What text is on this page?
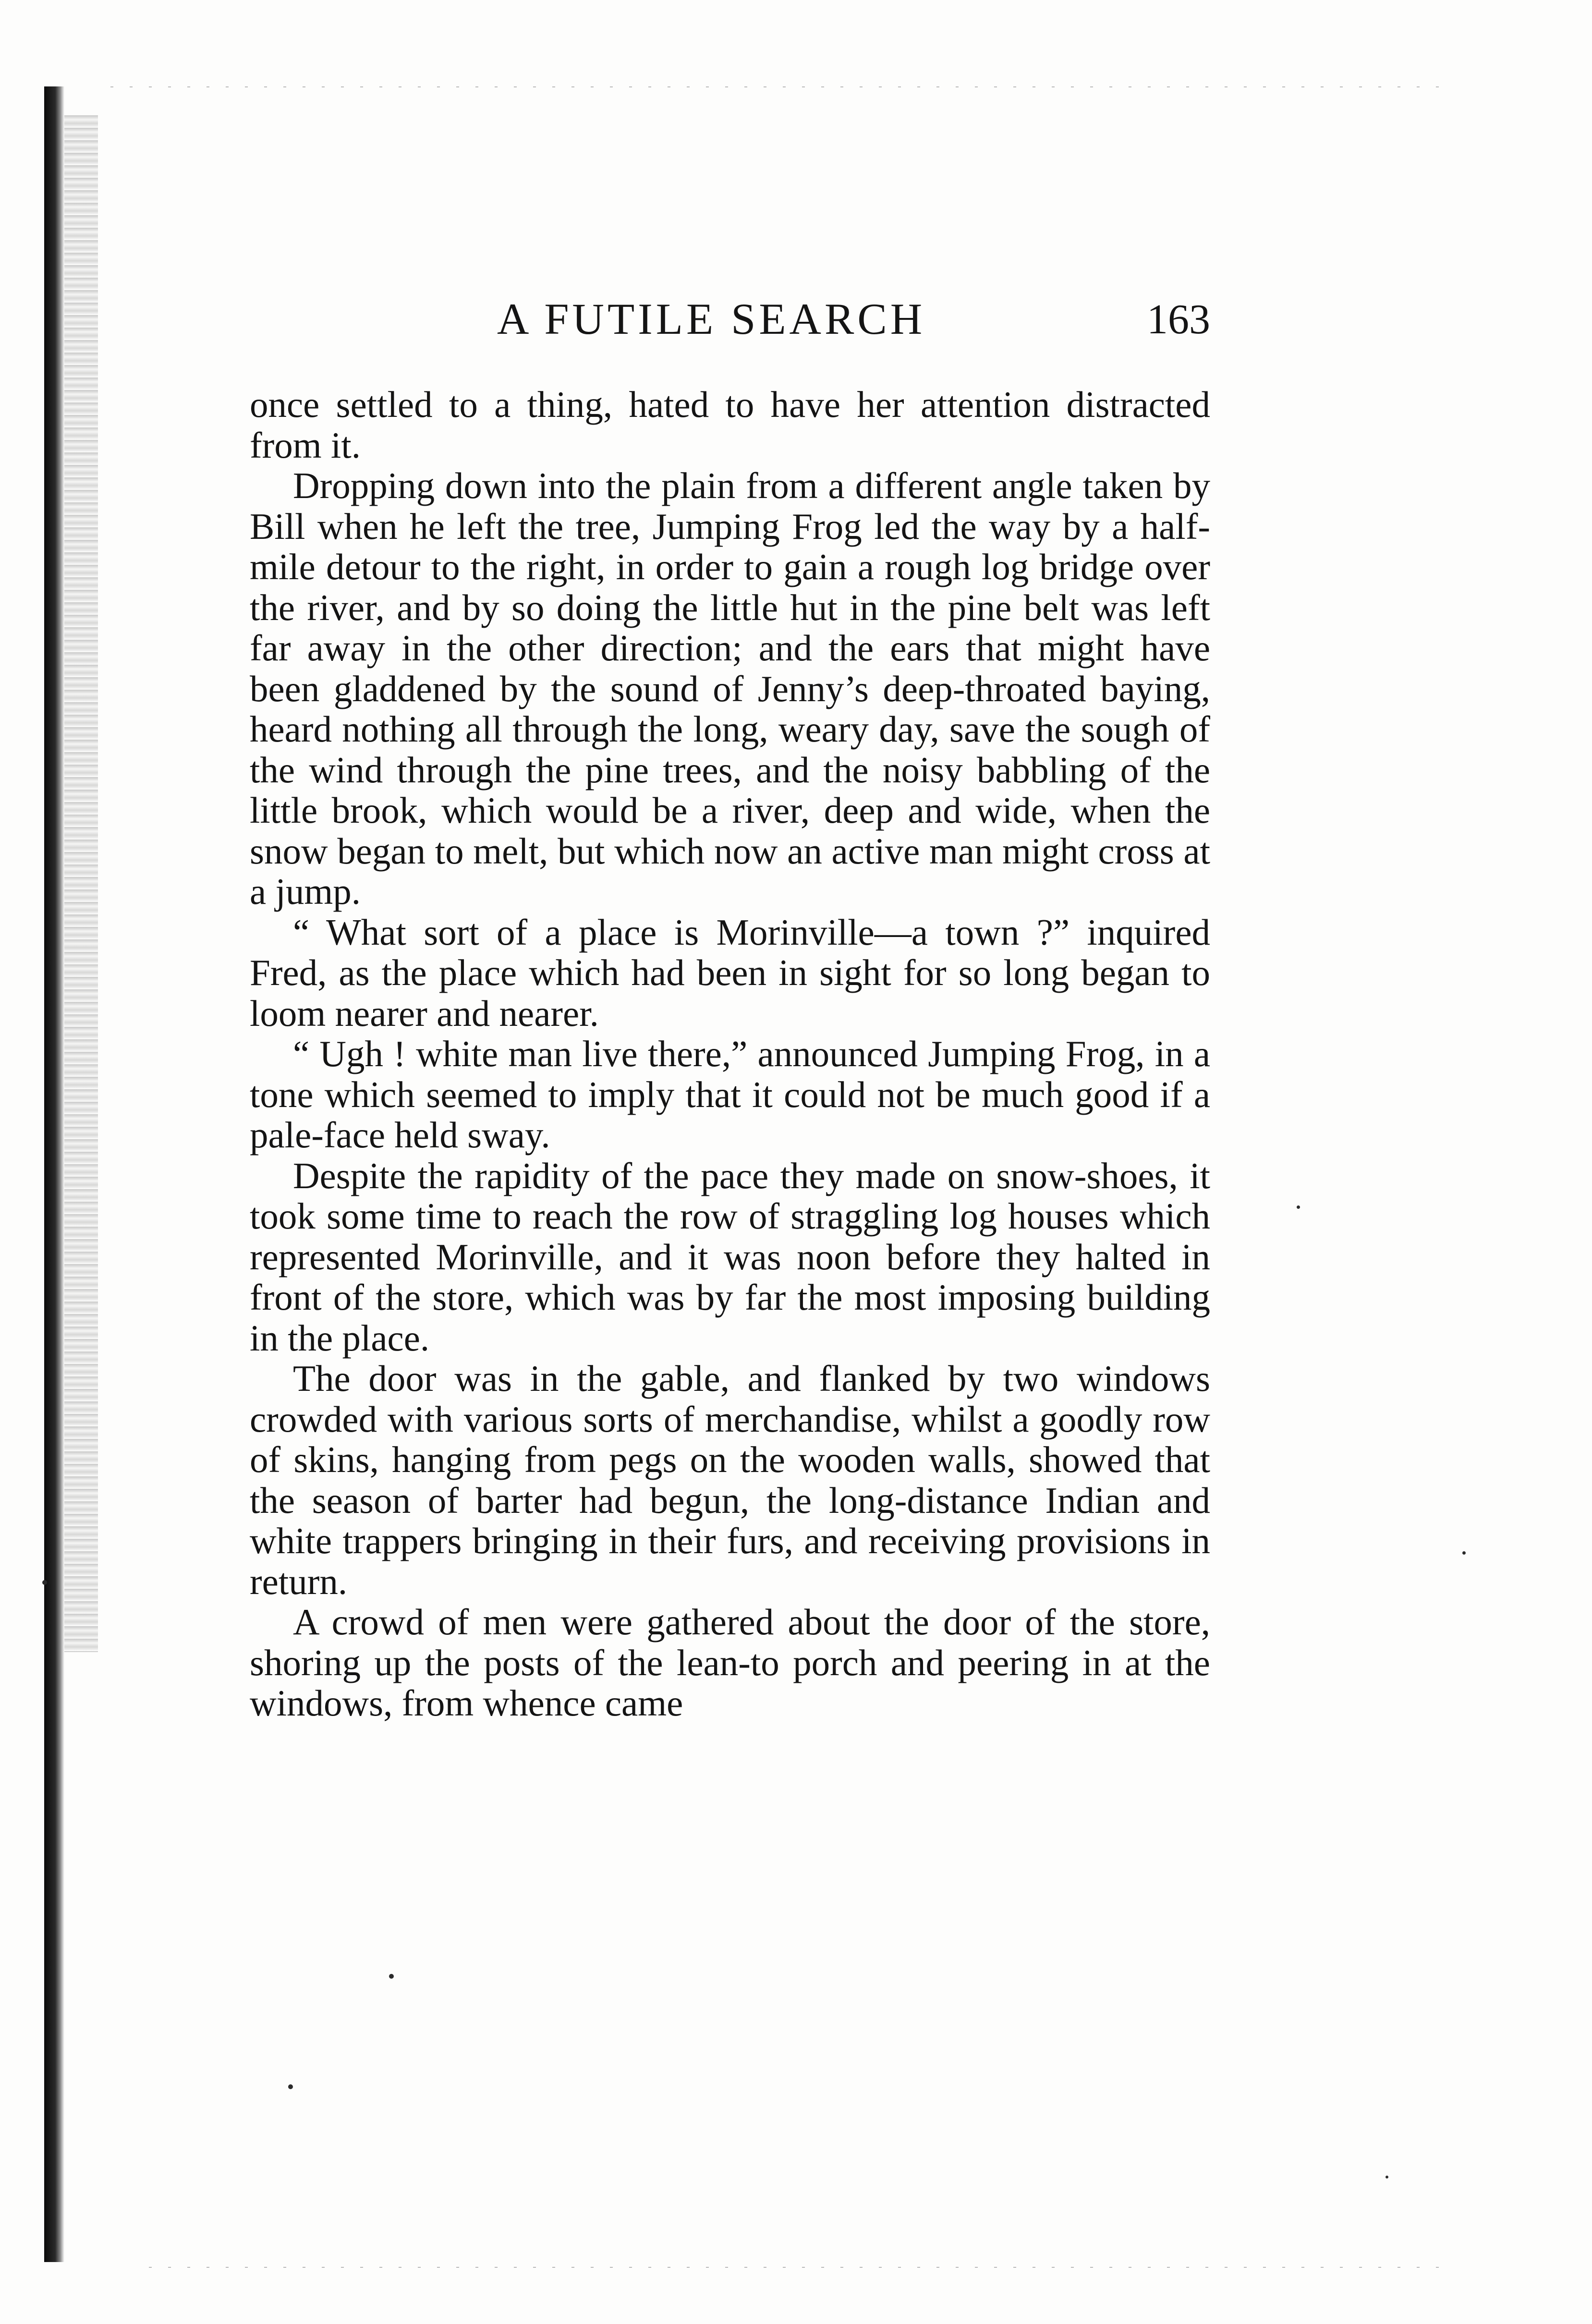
A FUTILE SEARCH	163

once settled to a thing, hated to have her attention distracted from it.

Dropping down into the plain from a different angle taken by Bill when he left the tree, Jumping Frog led the way by a half-mile detour to the right, in order to gain a rough log bridge over the river, and by so doing the little hut in the pine belt was left far away in the other direction; and the ears that might have been gladdened by the sound of Jenny’s deep-throated baying, heard nothing all through the long, weary day, save the sough of the wind through the pine trees, and the noisy babbling of the little brook, which would be a river, deep and wide, when the snow began to melt, but which now an active man might cross at a jump.

“ What sort of a place is Morinville—a town ?” inquired Fred, as the place which had been in sight for so long began to loom nearer and nearer.

“ Ugh ! white man live there,” announced Jumping Frog, in a tone which seemed to imply that it could not be much good if a pale-face held sway.

Despite the rapidity of the pace they made on snow-shoes, it took some time to reach the row of straggling log houses which represented Morinville, and it was noon before they halted in front of the store, which was by far the most imposing building in the place.

The door was in the gable, and flanked by two windows crowded with various sorts of merchandise, whilst a goodly row of skins, hanging from pegs on the wooden walls, showed that the season of barter had begun, the long-distance Indian and white trappers bringing in their furs, and receiving provisions in return.

A crowd of men were gathered about the door of the store, shoring up the posts of the lean-to porch and peering in at the windows, from whence came
